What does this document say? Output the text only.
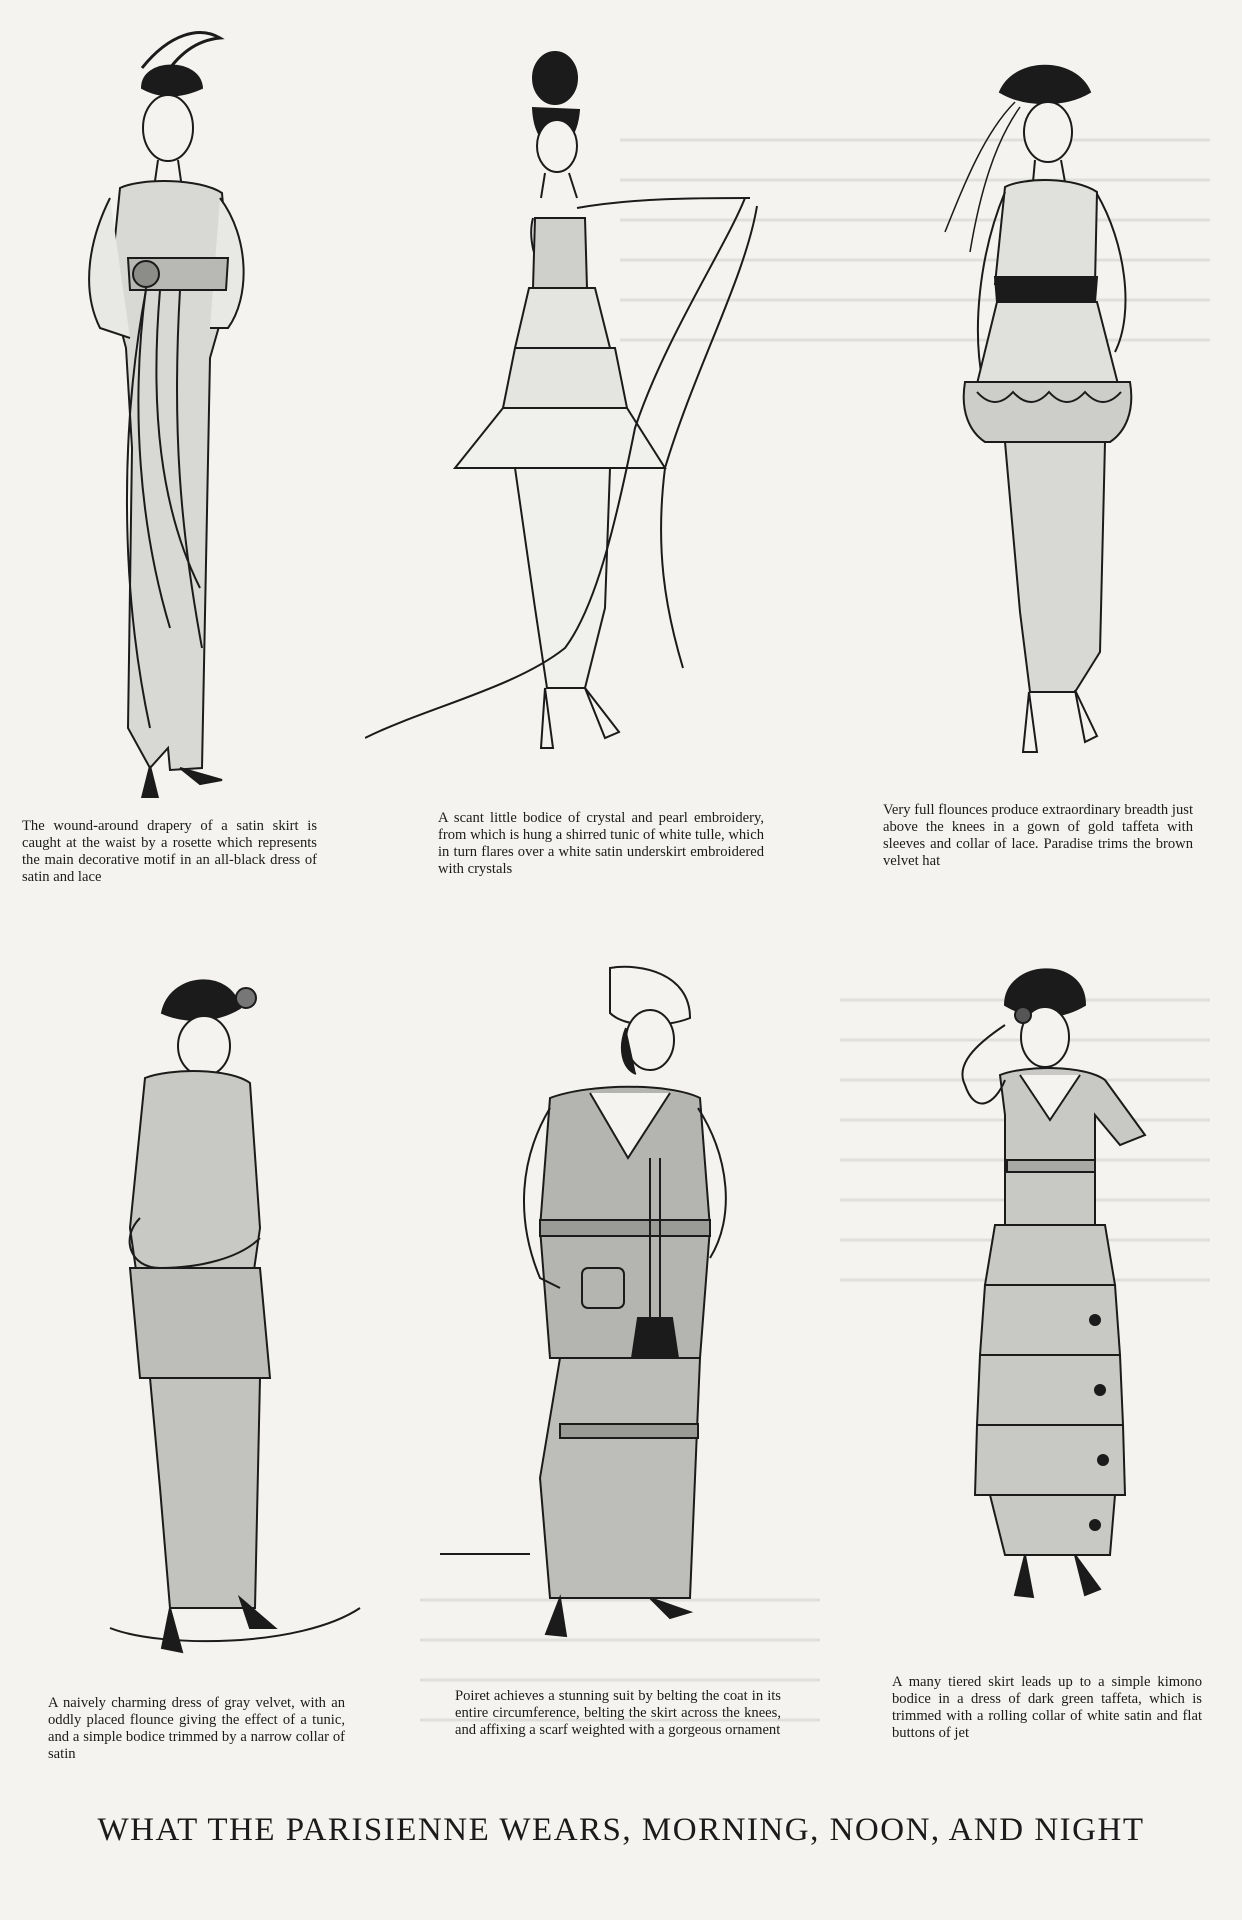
The wound-around drapery of a satin skirt is caught at the waist by a rosette which represents the main decorative motif in an all-black dress of satin and lace
A scant little bodice of crystal and pearl embroidery, from which is hung a shirred tunic of white tulle, which in turn flares over a white satin underskirt embroidered with crystals
Very full flounces produce extraordinary breadth just above the knees in a gown of gold taffeta with sleeves and collar of lace. Paradise trims the brown velvet hat
A naively charming dress of gray velvet, with an oddly placed flounce giving the effect of a tunic, and a simple bodice trimmed by a narrow collar of satin
Poiret achieves a stunning suit by belting the coat in its entire circumference, belting the skirt across the knees, and affixing a scarf weighted with a gorgeous ornament
A many tiered skirt leads up to a simple kimono bodice in a dress of dark green taffeta, which is trimmed with a rolling collar of white satin and flat buttons of jet
WHAT THE PARISIENNE WEARS, MORNING, NOON, AND NIGHT
